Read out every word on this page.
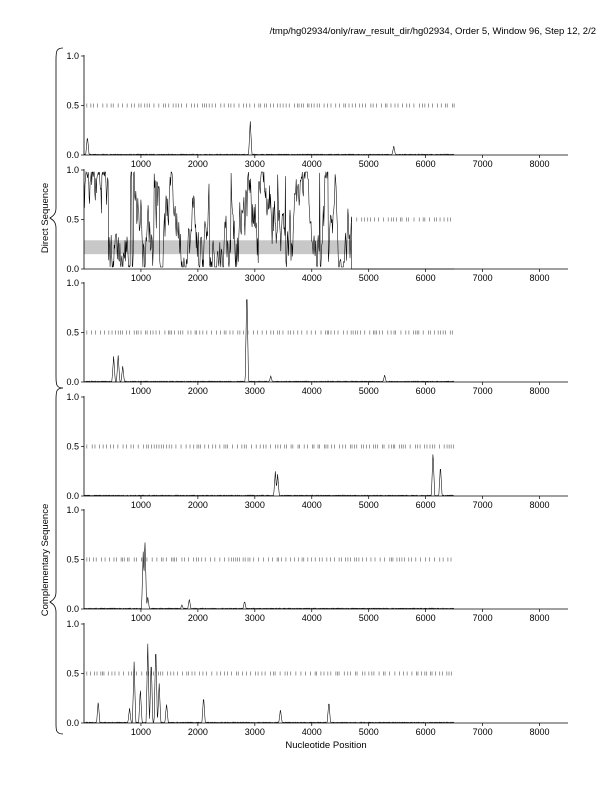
/tmp/hg02934/only/raw_result_dir/hg02934, Order 5, Window 96, Step 12, 2/2
0.0
0.5
1.0
1000	2000	3000	4000	5000	6000	7000	8000
0.0
0.5
1.0
1000	2000	3000	4000	5000	6000	7000	8000
0.0
0.5
1.0
1000	2000	3000	4000	5000	6000	7000	8000
0.0
0.5
1.0
1000	2000	3000	4000	5000	6000	7000	8000
0.0
0.5
1.0
1000	2000	3000	4000	5000	6000	7000	8000
0.0
0.5
1.0
1000	2000	3000	4000	5000	6000	7000	8000
Direct Sequence
Complementary Sequence
Nucleotide Position
